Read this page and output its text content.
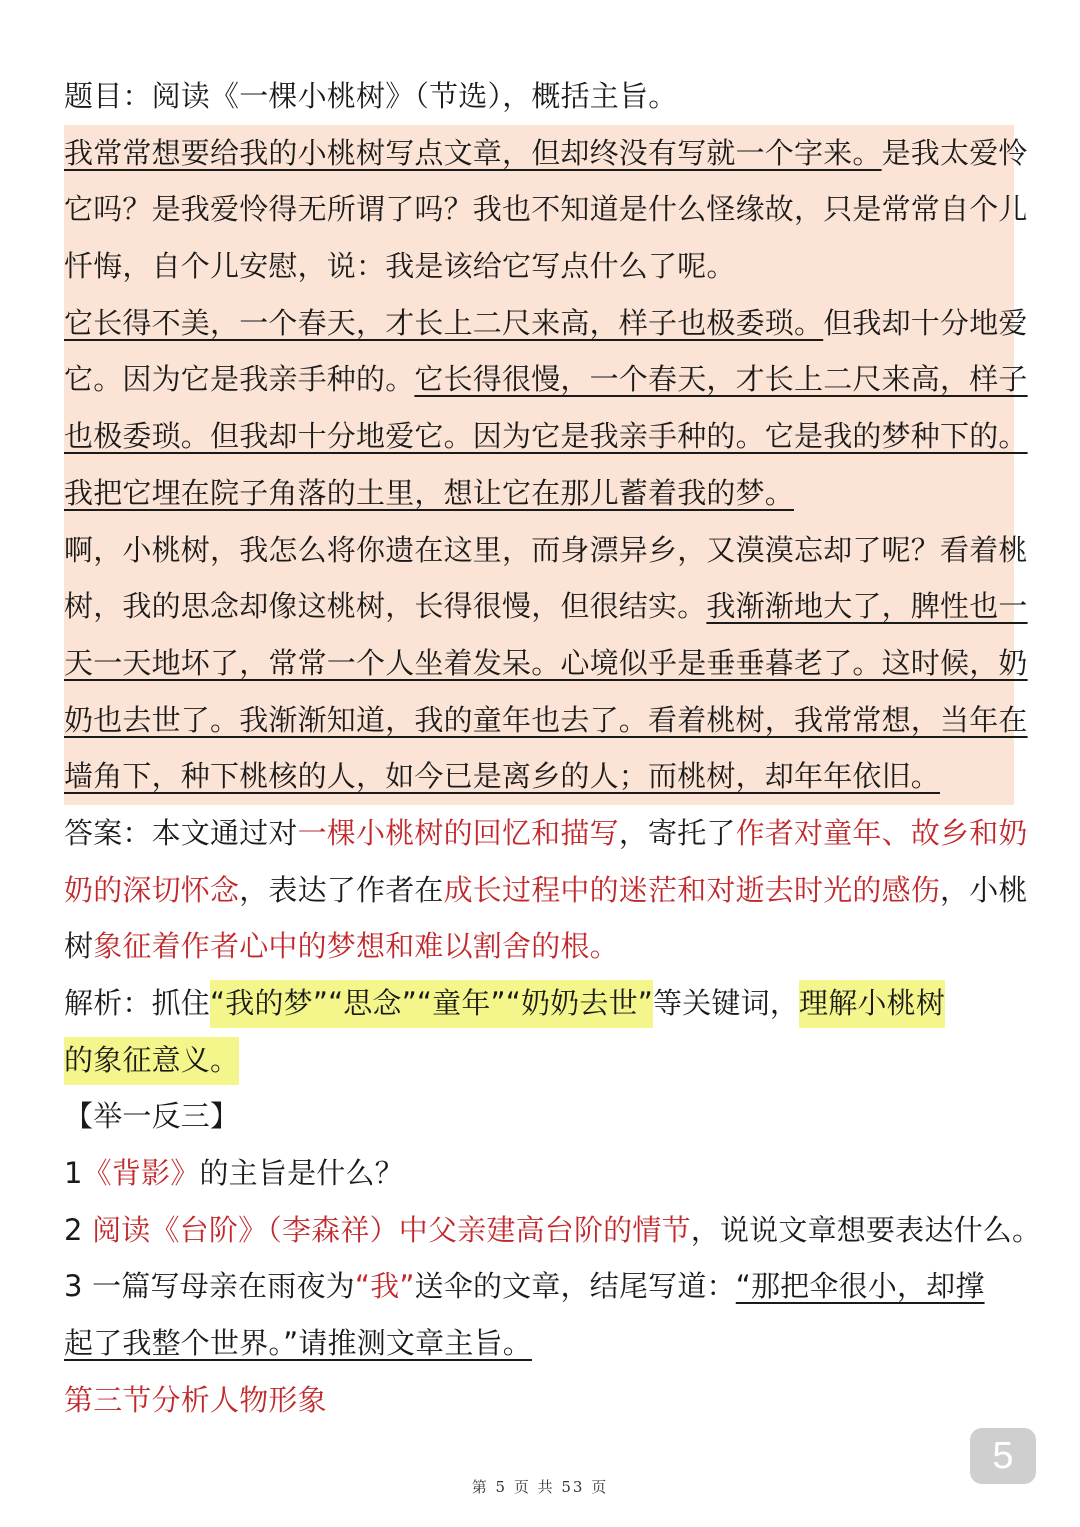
题目：阅读《一棵小桃树》（节选），概括主旨。
我常常想要给我的小桃树写点文章，但却终没有写就一个字来。是我太爱怜
它吗？是我爱怜得无所谓了吗？我也不知道是什么怪缘故，只是常常自个儿
忏悔，自个儿安慰，说：我是该给它写点什么了呢。
它长得不美，一个春天，才长上二尺来高，样子也极委琐。但我却十分地爱
它。因为它是我亲手种的。它长得很慢，一个春天，才长上二尺来高，样子
也极委琐。但我却十分地爱它。因为它是我亲手种的。它是我的梦种下的。
我把它埋在院子角落的土里，想让它在那儿蓄着我的梦。
啊，小桃树，我怎么将你遗在这里，而身漂异乡，又漠漠忘却了呢？看着桃
树，我的思念却像这桃树，长得很慢，但很结实。我渐渐地大了，脾性也一
天一天地坏了，常常一个人坐着发呆。心境似乎是垂垂暮老了。这时候，奶
奶也去世了。我渐渐知道，我的童年也去了。看着桃树，我常常想，当年在
墙角下，种下桃核的人，如今已是离乡的人；而桃树，却年年依旧。
答案：本文通过对一棵小桃树的回忆和描写，寄托了作者对童年、故乡和奶
奶的深切怀念，表达了作者在成长过程中的迷茫和对逝去时光的感伤，小桃
树象征着作者心中的梦想和难以割舍的根。
解析：抓住“我的梦”“思念”“童年”“奶奶去世”等关键词，理解小桃树
的象征意义。
【举一反三】
1《背影》的主旨是什么？
2 阅读《台阶》（李森祥）中父亲建高台阶的情节，说说文章想要表达什么。
3 一篇写母亲在雨夜为“我”送伞的文章，结尾写道：“那把伞很小，却撑
起了我整个世界。”请推测文章主旨。
第三节分析人物形象
5
第 5 页 共 53 页
